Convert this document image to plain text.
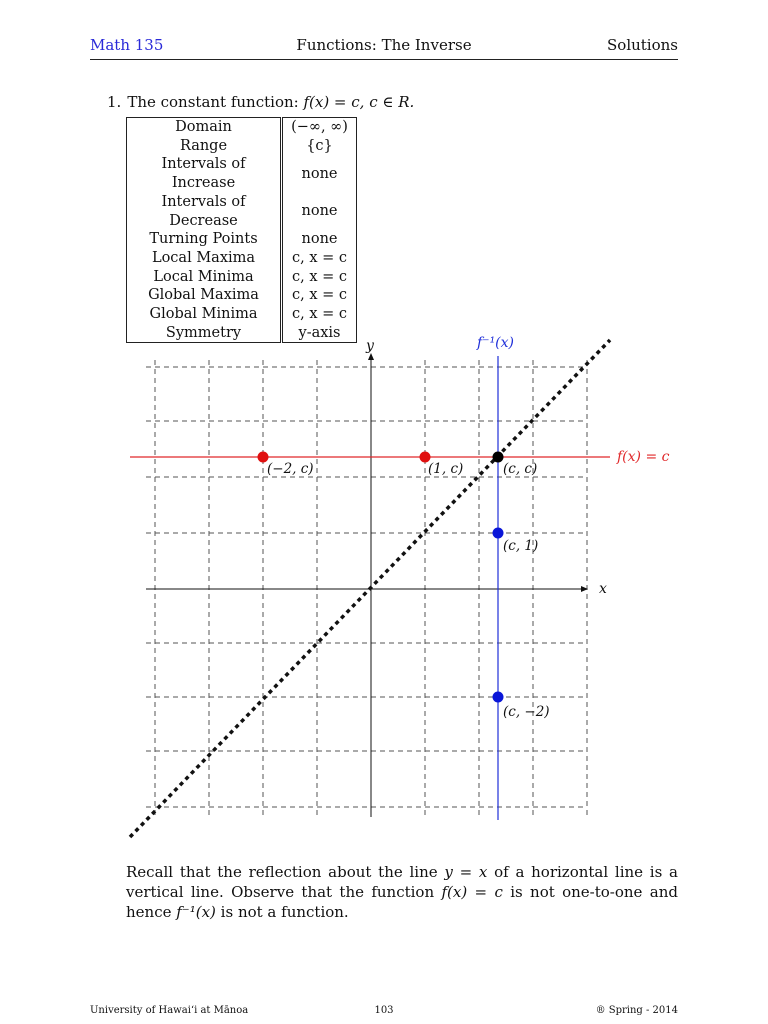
Math 135	Functions: The Inverse	Solutions
1. The constant function: f(x) = c, c ∈ R.
Domain	(−∞, ∞)
Range	{c}
Intervals of Increase	none
Intervals of Decrease	none
Turning Points	none
Local Maxima	c, x = c
Local Minima	c, x = c
Global Maxima	c, x = c
Global Minima	c, x = c
Symmetry	y-axis
y
x
f(x) = c
f⁻¹(x)
(−2, c)	(1, c)	(c, c)
(c, 1)
(c, −2)
Recall that the reflection about the line y = x of a horizontal line is a vertical line. Observe that the function f(x) = c is not one-to-one and hence f⁻¹(x) is not a function.
University of Hawai‘i at Mānoa	103	® Spring - 2014
